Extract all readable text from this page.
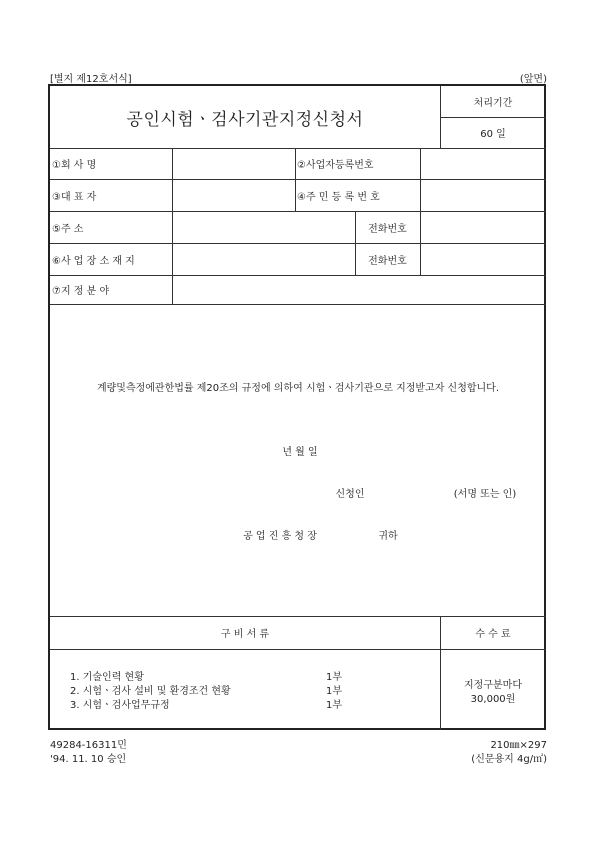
[별지 제12호서식]	(앞면)
공인시험ㆍ검사기관지정신청서
처리기간
60 일
①회 사 명	②사업자등록번호
③대 표 자	④주 민 등 록 번 호
⑤주 소	전화번호
⑥사 업 장 소 재 지	전화번호
⑦지 정 분 야
계량및측정에관한법률 제20조의 규정에 의하여 시험ㆍ검사기관으로 지정받고자 신청합니다.
년 월 일
신청인	(서명 또는 인)
공 업 진 흥 청 장	귀하
구 비 서 류	수 수 료
1. 기술인력 현황	1부
2. 시험ㆍ검사 설비 및 환경조건 현황	1부
3. 시험ㆍ검사업무규정	1부
지정구분마다
30,000원
49284-16311민
'94. 11. 10 승인
210㎜×297
(신문용지 4g/㎡)
